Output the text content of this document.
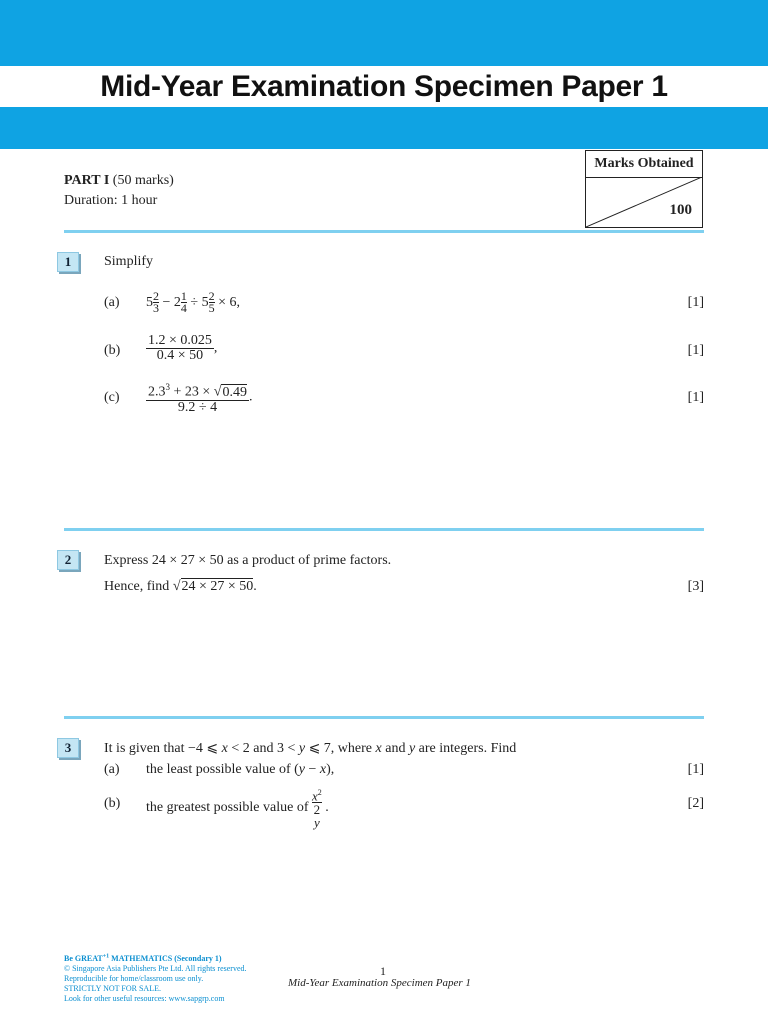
Mid-Year Examination Specimen Paper 1
PART I (50 marks)
Duration: 1 hour
Marks Obtained
100
1	Simplify
(a) $5 \frac{2}{3} - 2 \frac{1}{4} \div 5 \frac{2}{5} \times 6$,	[1]
$(b) \frac{1.2 \times 0.025}{0.4 \times 50}$ ,	[1]
$(c) \frac{2.3^3 + 23 \times √0.49}{9.2 \div 4}$ .	[1]
2	Express 24 × 27 × 50 as a product of prime factors.
Hence, find √24 × 27 × 50.	[3]
3	It is given that −4 ⩽ x < 2 and 3 < y ⩽ 7, where x and y are integers. Find
(a) the least possible value of (y − x),	[1]
(b) the greatest possible value of $x^2$
2
y .	[2]
Be $GREAT^{+1}$ MATHEMATICS (Secondary 1)
© Singapore Asia Publishers Pte Ltd. All rights reserved.
Reproducible for home/classroom use only.
STRICTLY NOT FOR SALE.
Look for other useful resources: www.sapgrp.com
1
Mid-Year Examination Specimen Paper 1
